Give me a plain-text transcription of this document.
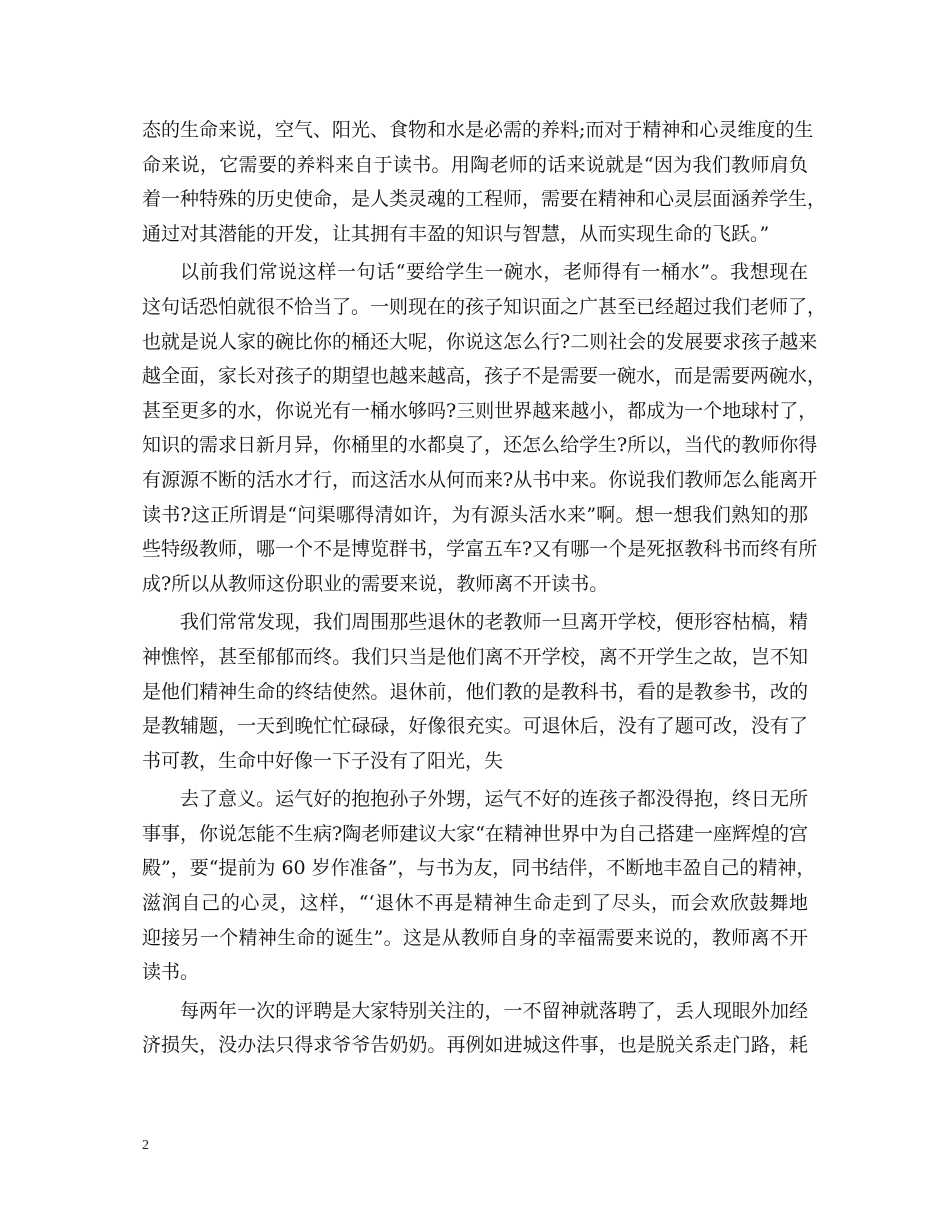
态的生命来说，空气、阳光、食物和水是必需的养料;而对于精神和心灵维度的生
命来说，它需要的养料来自于读书。用陶老师的话来说就是“因为我们教师肩负
着一种特殊的历史使命，是人类灵魂的工程师，需要在精神和心灵层面涵养学生，
通过对其潜能的开发，让其拥有丰盈的知识与智慧，从而实现生命的飞跃。”
以前我们常说这样一句话“要给学生一碗水，老师得有一桶水”。我想现在
这句话恐怕就很不恰当了。一则现在的孩子知识面之广甚至已经超过我们老师了，
也就是说人家的碗比你的桶还大呢，你说这怎么行?二则社会的发展要求孩子越来
越全面，家长对孩子的期望也越来越高，孩子不是需要一碗水，而是需要两碗水，
甚至更多的水，你说光有一桶水够吗?三则世界越来越小，都成为一个地球村了，
知识的需求日新月异，你桶里的水都臭了，还怎么给学生?所以，当代的教师你得
有源源不断的活水才行，而这活水从何而来?从书中来。你说我们教师怎么能离开
读书?这正所谓是“问渠哪得清如许，为有源头活水来”啊。想一想我们熟知的那
些特级教师，哪一个不是博览群书，学富五车?又有哪一个是死抠教科书而终有所
成?所以从教师这份职业的需要来说，教师离不开读书。
我们常常发现，我们周围那些退休的老教师一旦离开学校，便形容枯槁，精
神憔悴，甚至郁郁而终。我们只当是他们离不开学校，离不开学生之故，岂不知
是他们精神生命的终结使然。退休前，他们教的是教科书，看的是教参书，改的
是教辅题，一天到晚忙忙碌碌，好像很充实。可退休后，没有了题可改，没有了
书可教，生命中好像一下子没有了阳光，失
去了意义。运气好的抱抱孙子外甥，运气不好的连孩子都没得抱，终日无所
事事，你说怎能不生病?陶老师建议大家“在精神世界中为自己搭建一座辉煌的宫
殿”，要“提前为 60 岁作准备”，与书为友，同书结伴，不断地丰盈自己的精神，
滋润自己的心灵，这样，“‘退休不再是精神生命走到了尽头，而会欢欣鼓舞地
迎接另一个精神生命的诞生”。这是从教师自身的幸福需要来说的，教师离不开
读书。
每两年一次的评聘是大家特别关注的，一不留神就落聘了，丢人现眼外加经
济损失，没办法只得求爷爷告奶奶。再例如进城这件事，也是脱关系走门路，耗
2
